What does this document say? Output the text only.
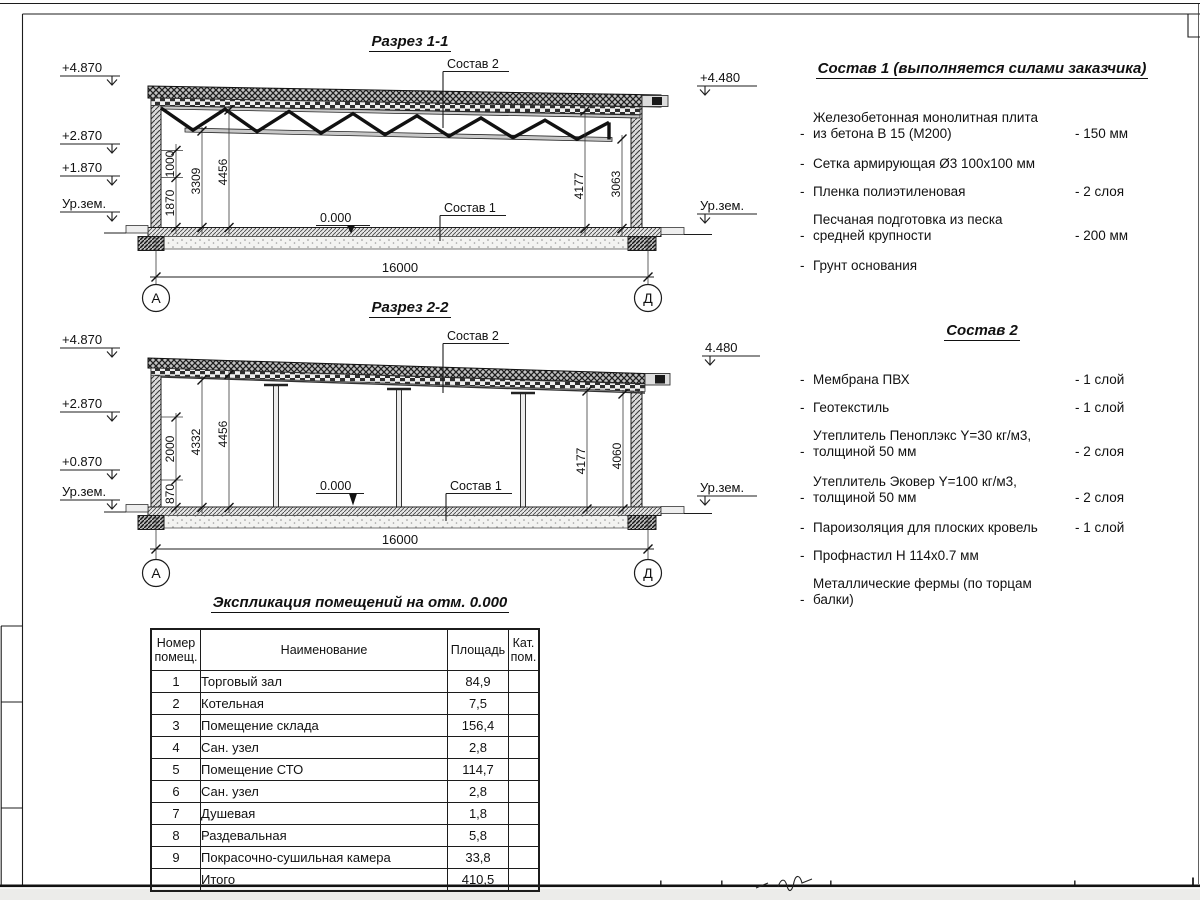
+4.870
+2.870
+1.870
Ур.зем.
+4.480
Ур.зем.
Состав 2
Состав 1
0.000
1000
1870
3309 4456
4177 3063
16000
А	Д
+4.870
+2.870
+0.870
Ур.зем.
4.480
Ур.зем.
Состав 2
Состав 1
0.000
2000
870
4332 4456
4177 4060
16000
А	Д
Разрез 1-1
Разрез 2-2
Состав 1 (выполняется силами заказчика)
-
Железобетонная монолитная плита
из бетона В 15 (М200)	- 150 мм
- Сетка армирующая Ø3 100х100 мм
- Пленка полиэтиленовая	- 2 слоя
-
Песчаная подготовка из песка
средней крупности	- 200 мм
- Грунт основания
Состав 2
- Мембрана ПВХ	- 1 слой
- Геотекстиль	- 1 слой
-
Утеплитель Пеноплэкс Y=30 кг/м3,
толщиной 50 мм	- 2 слоя
-
Утеплитель Эковер Y=100 кг/м3,
толщиной 50 мм	- 2 слоя
- Пароизоляция для плоских кровель	- 1 слой
- Профнастил Н 114х0.7 мм
-
Металлические фермы (по торцам балки)
Экспликация помещений на отм. 0.000
Номер
помещ.	Наименование	Площадь	Кат.
пом.
1	Торговый зал	84,9	
2	Котельная	7,5	
3	Помещение склада	156,4	
4	Сан. узел	2,8	
5	Помещение СТО	114,7	
6	Сан. узел	2,8	
7	Душевая	1,8	
8	Раздевальная	5,8	
9	Покрасочно-сушильная камера	33,8	
	Итого	410,5	
